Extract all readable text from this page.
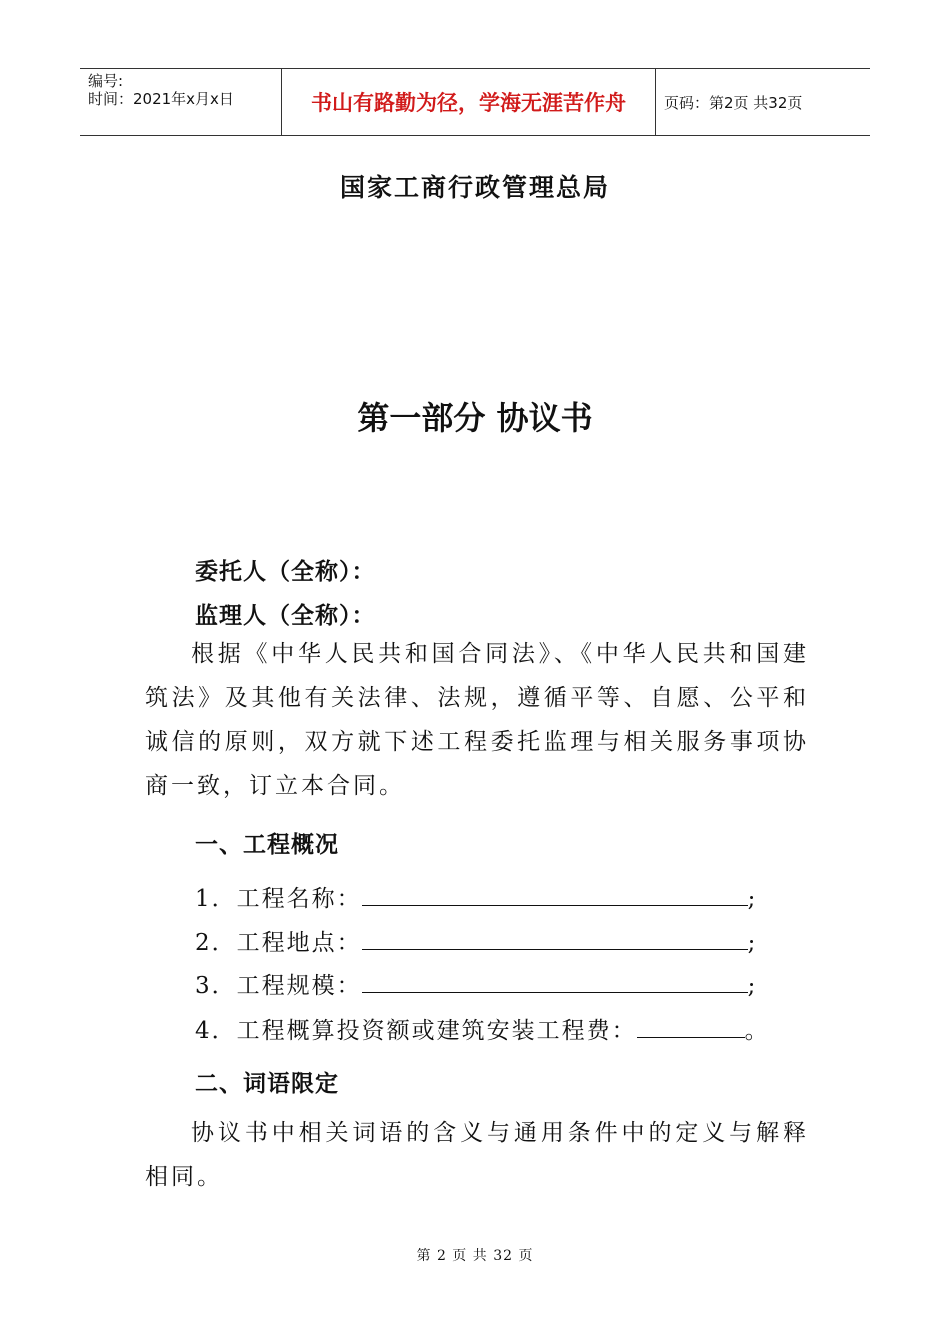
编号:
时间：2021年x月x日	书山有路勤为径，学海无涯苦作舟	页码：第2页 共32页
国家工商行政管理总局
第一部分 协议书
委托人（全称）：
监理人（全称）：
根据《中华人民共和国合同法》、《中华人民共和国建筑法》及其他有关法律、法规，遵循平等、自愿、公平和诚信的原则，双方就下述工程委托监理与相关服务事项协商一致，订立本合同。
一、工程概况
1．工程名称：	;
2．工程地点：	;
3．工程规模：	;
4．工程概算投资额或建筑安装工程费：	。
二、词语限定
协议书中相关词语的含义与通用条件中的定义与解释相同。
第 2 页 共 32 页
